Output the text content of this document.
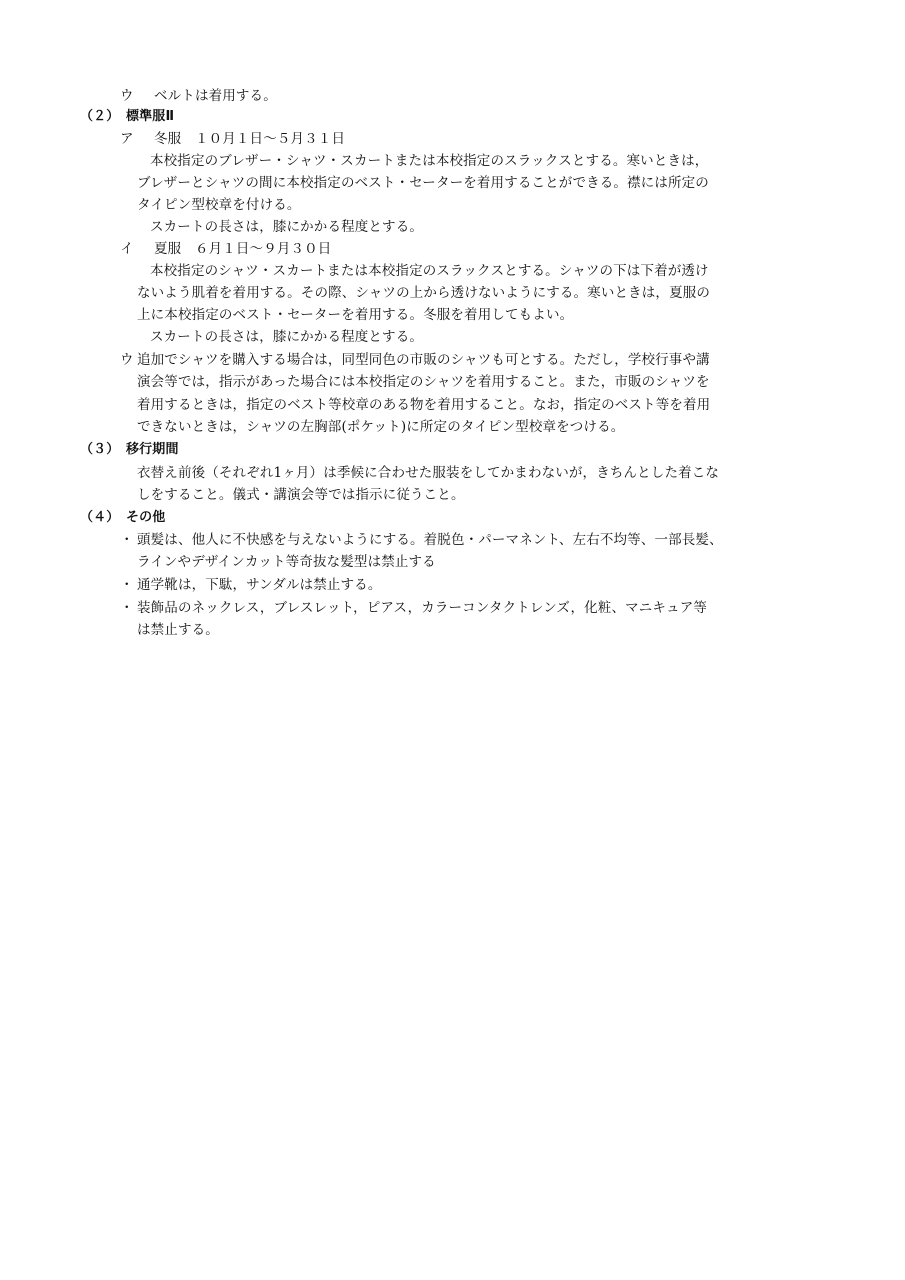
ウ ベルトは着用する。
（２） 標準服Ⅱ
ア 冬服　１０月１日～５月３１日
本校指定のブレザー・シャツ・スカートまたは本校指定のスラックスとする。寒いときは，
ブレザーとシャツの間に本校指定のベスト・セーターを着用することができる。襟には所定の
タイピン型校章を付ける。
スカートの長さは，膝にかかる程度とする。
イ 夏服　６月１日～９月３０日
本校指定のシャツ・スカートまたは本校指定のスラックスとする。シャツの下は下着が透け
ないよう肌着を着用する。その際、シャツの上から透けないようにする。寒いときは，夏服の
上に本校指定のベスト・セーターを着用する。冬服を着用してもよい。
スカートの長さは，膝にかかる程度とする。
ウ 追加でシャツを購入する場合は，同型同色の市販のシャツも可とする。ただし，学校行事や講
演会等では，指示があった場合には本校指定のシャツを着用すること。また，市販のシャツを
着用するときは，指定のベスト等校章のある物を着用すること。なお，指定のベスト等を着用
できないときは，シャツの左胸部(ポケット)に所定のタイピン型校章をつける。
（３） 移行期間
衣替え前後（それぞれ1ヶ月）は季候に合わせた服装をしてかまわないが，きちんとした着こな
しをすること。儀式・講演会等では指示に従うこと。
（４） その他
・ 頭髪は、他人に不快感を与えないようにする。着脱色・パーマネント、左右不均等、一部長髪、
ラインやデザインカット等奇抜な髪型は禁止する
・ 通学靴は，下駄，サンダルは禁止する。
・ 装飾品のネックレス，ブレスレット，ピアス，カラーコンタクトレンズ，化粧、マニキュア等
は禁止する。
